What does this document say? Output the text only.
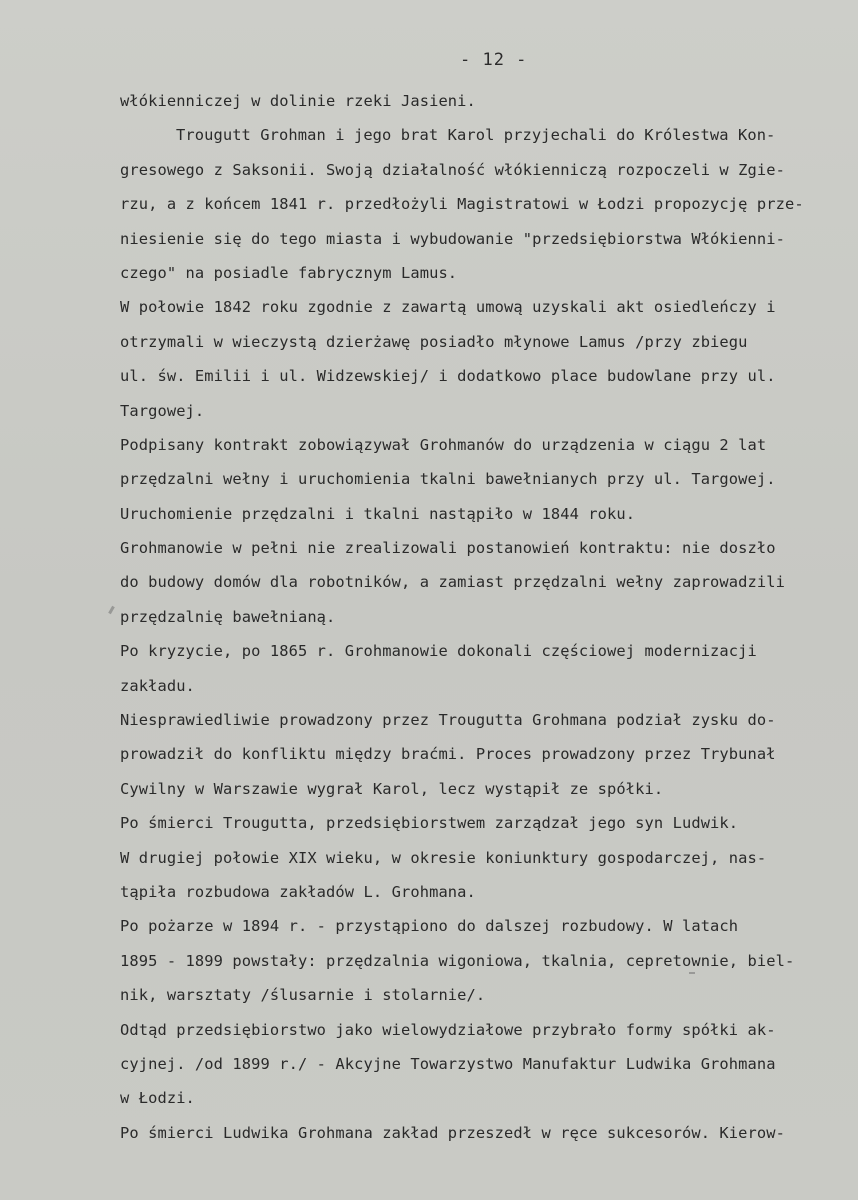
- 12 -
włókienniczej w dolinie rzeki Jasieni.
Trougutt Grohman i jego brat Karol przyjechali do Królestwa Kon-
gresowego z Saksonii. Swoją działalność włókienniczą rozpoczeli w Zgie-
rzu, a z końcem 1841 r. przedłożyli Magistratowi w Łodzi propozycję prze-
niesienie się do tego miasta i wybudowanie "przedsiębiorstwa Włókienni-
czego" na posiadle fabrycznym Lamus.
W połowie 1842 roku zgodnie z zawartą umową uzyskali akt osiedleńczy i
otrzymali w wieczystą dzierżawę posiadło młynowe Lamus /przy zbiegu
ul. św. Emilii i ul. Widzewskiej/ i dodatkowo place budowlane przy ul.
Targowej.
Podpisany kontrakt zobowiązywał Grohmanów do urządzenia w ciągu 2 lat
przędzalni wełny i uruchomienia tkalni bawełnianych przy ul. Targowej.
Uruchomienie przędzalni i tkalni nastąpiło w 1844 roku.
Grohmanowie w pełni nie zrealizowali postanowień kontraktu: nie doszło
do budowy domów dla robotników, a zamiast przędzalni wełny zaprowadzili
przędzalnię bawełnianą.
Po kryzycie, po 1865 r. Grohmanowie dokonali częściowej modernizacji
zakładu.
Niesprawiedliwie prowadzony przez Trougutta Grohmana podział zysku do-
prowadził do konfliktu między braćmi. Proces prowadzony przez Trybunał
Cywilny w Warszawie wygrał Karol, lecz wystąpił ze spółki.
Po śmierci Trougutta, przedsiębiorstwem zarządzał jego syn Ludwik.
W drugiej połowie XIX wieku, w okresie koniunktury gospodarczej, nas-
tąpiła rozbudowa zakładów L. Grohmana.
Po pożarze w 1894 r. - przystąpiono do dalszej rozbudowy. W latach
1895 - 1899 powstały: przędzalnia wigoniowa, tkalnia, cepretownie, biel-
nik, warsztaty /ślusarnie i stolarnie/.
Odtąd przedsiębiorstwo jako wielowydziałowe przybrało formy spółki ak-
cyjnej. /od 1899 r./ - Akcyjne Towarzystwo Manufaktur Ludwika Grohmana
w Łodzi.
Po śmierci Ludwika Grohmana zakład przeszedł w ręce sukcesorów. Kierow-
